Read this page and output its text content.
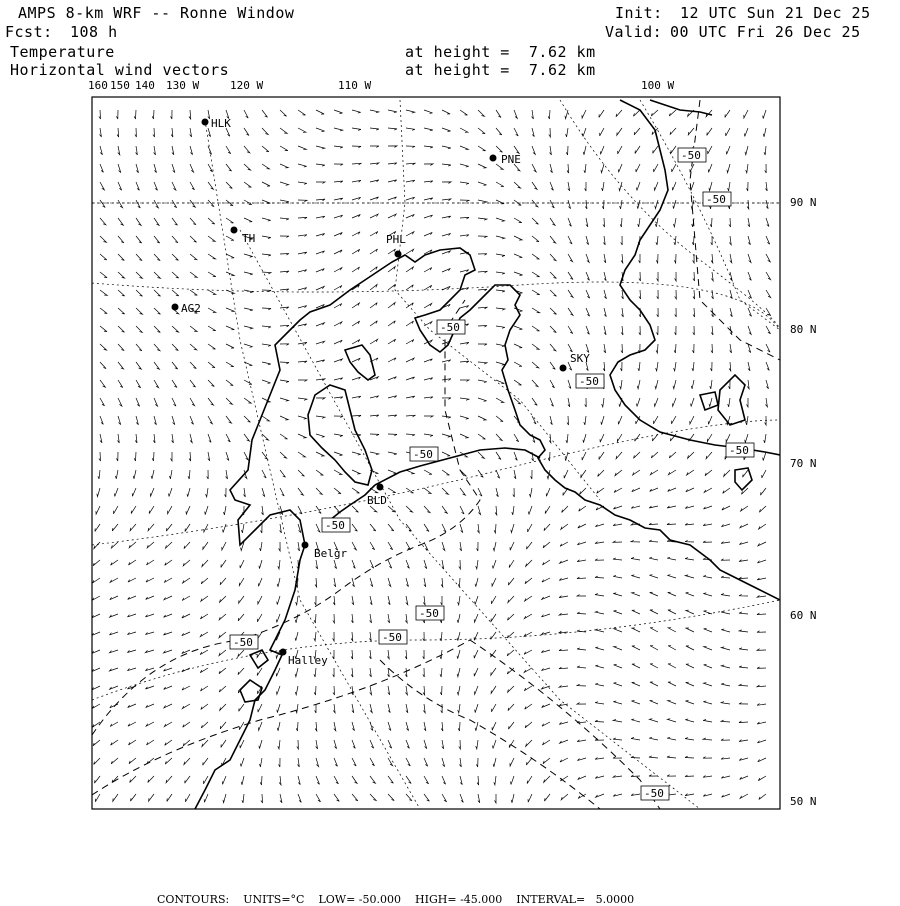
AMPS 8-km WRF -- Ronne Window
Fcst: 108 h
Init: 12 UTC Sun 21 Dec 25
Valid: 00 UTC Fri 26 Dec 25
Temperature	at height =  7.62 km
Horizontal wind vectors	at height =  7.62 km
160 150 140 130 W	120 W	110 W	100 W
90 N
80 N
70 N
60 N
50 N
HLK
PNE
TH	PHL
AG2
SKY
BLD
Belgr
Halley
-50
-50
-50
-50
-50
-50
-50
-50
-50	-50
-50

CONTOURS: UNITS=°C LOW= -50.000 HIGH= -45.000 INTERVAL=   5.0000
